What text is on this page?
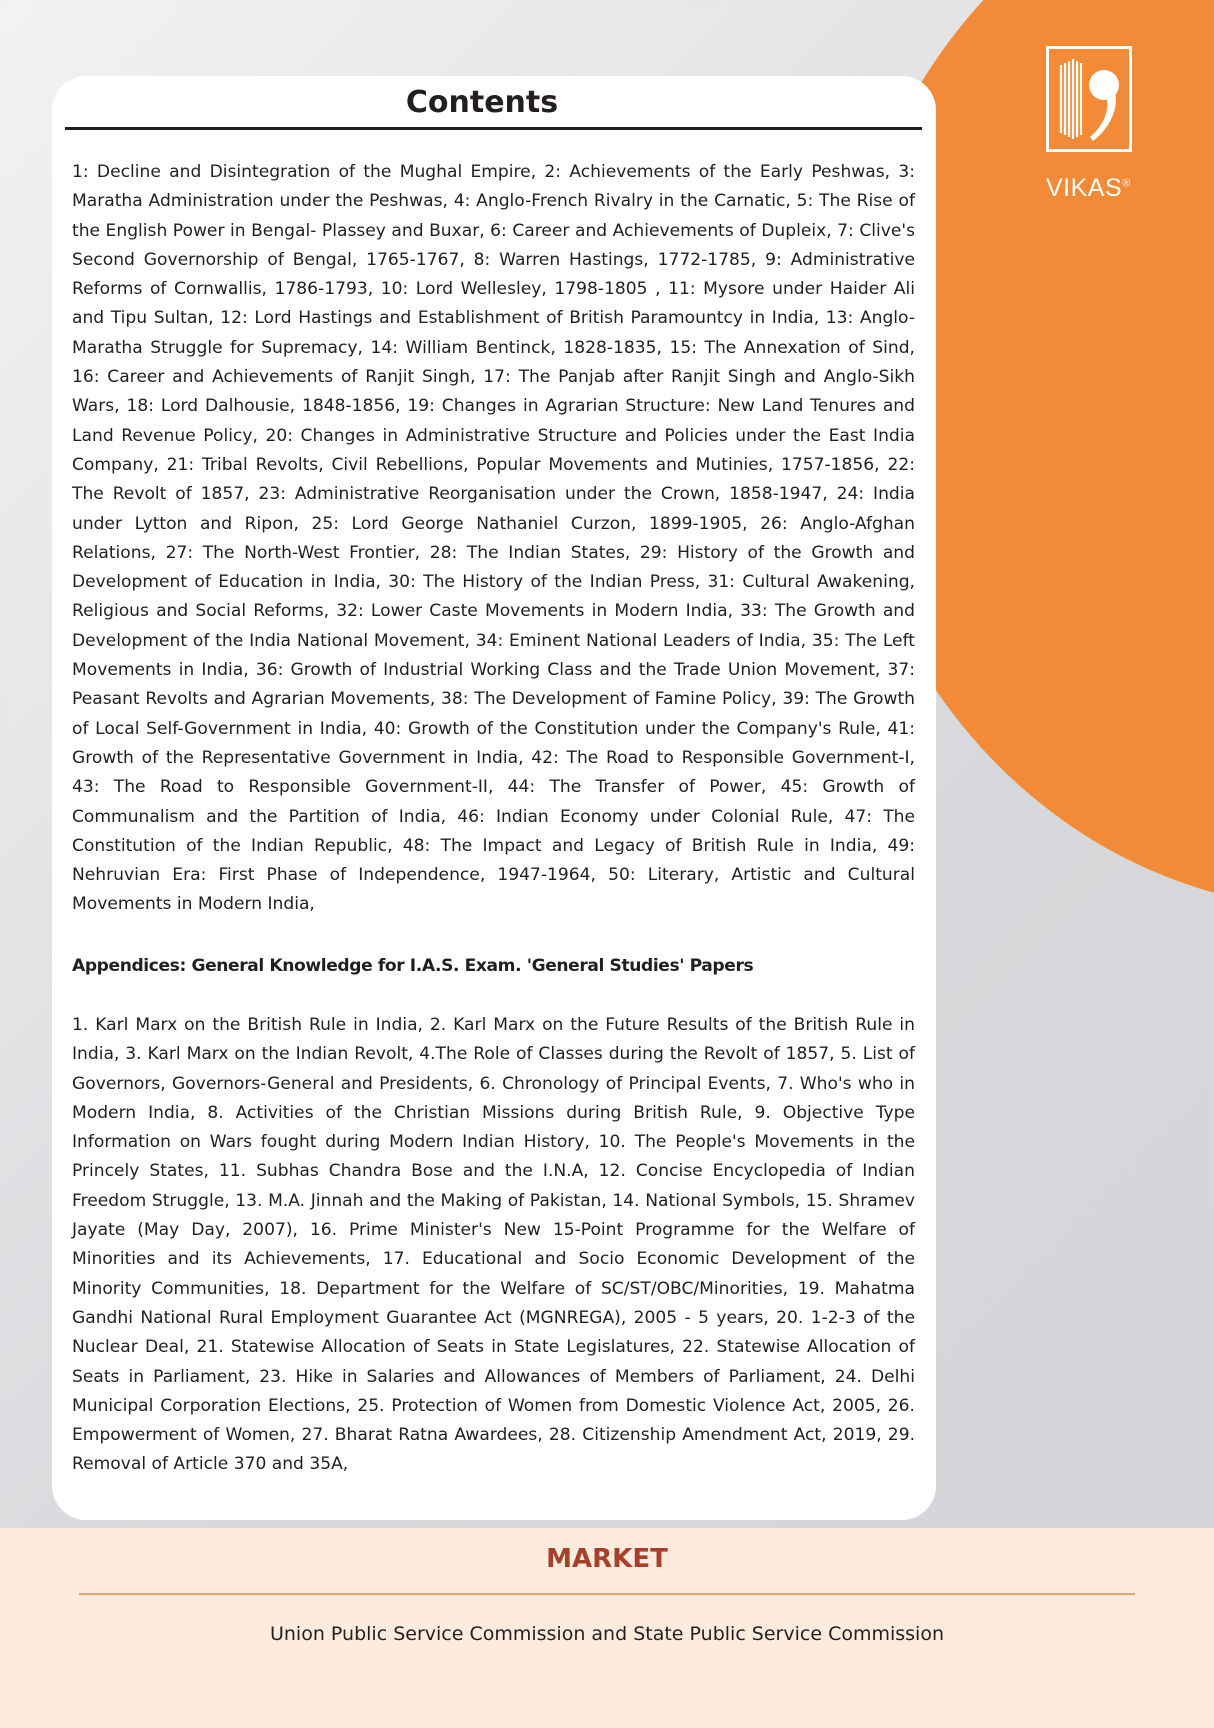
VIKAS®
Contents

1: Decline and Disintegration of the Mughal Empire, 2: Achievements of the Early Peshwas, 3: Maratha Administration under the Peshwas, 4: Anglo-French Rivalry in the Carnatic, 5: The Rise of the English Power in Bengal- Plassey and Buxar, 6: Career and Achievements of Dupleix, 7: Clive's Second Governorship of Bengal, 1765-1767, 8: Warren Hastings, 1772-1785, 9: Administrative Reforms of Cornwallis, 1786-1793, 10: Lord Wellesley, 1798-1805 , 11: Mysore under Haider Ali and Tipu Sultan, 12: Lord Hastings and Establishment of British Paramountcy in India, 13: Anglo-Maratha Struggle for Supremacy, 14: William Bentinck, 1828-1835, 15: The Annexation of Sind, 16: Career and Achievements of Ranjit Singh, 17: The Panjab after Ranjit Singh and Anglo-Sikh Wars, 18: Lord Dalhousie, 1848-1856, 19: Changes in Agrarian Structure: New Land Tenures and Land Revenue Policy, 20: Changes in Administrative Structure and Policies under the East India Company, 21: Tribal Revolts, Civil Rebellions, Popular Movements and Mutinies, 1757-1856, 22: The Revolt of 1857, 23: Administrative Reorganisation under the Crown, 1858-1947, 24: India under Lytton and Ripon, 25: Lord George Nathaniel Curzon, 1899-1905, 26: Anglo-Afghan Relations, 27: The North-West Frontier, 28: The Indian States, 29: History of the Growth and Development of Education in India, 30: The History of the Indian Press, 31: Cultural Awakening, Religious and Social Reforms, 32: Lower Caste Movements in Modern India, 33: The Growth and Development of the India National Movement, 34: Eminent National Leaders of India, 35: The Left Movements in India, 36: Growth of Industrial Working Class and the Trade Union Movement, 37: Peasant Revolts and Agrarian Movements, 38: The Development of Famine Policy, 39: The Growth of Local Self-Government in India, 40: Growth of the Constitution under the Company's Rule, 41: Growth of the Representative Government in India, 42: The Road to Responsible Government-I, 43: The Road to Responsible Government-II, 44: The Transfer of Power, 45: Growth of Communalism and the Partition of India, 46: Indian Economy under Colonial Rule, 47: The Constitution of the Indian Republic, 48: The Impact and Legacy of British Rule in India, 49: Nehruvian Era: First Phase of Independence, 1947-1964, 50: Literary, Artistic and Cultural Movements in Modern India,

Appendices: General Knowledge for I.A.S. Exam. 'General Studies' Papers

1. Karl Marx on the British Rule in India, 2. Karl Marx on the Future Results of the British Rule in India, 3. Karl Marx on the Indian Revolt, 4.The Role of Classes during the Revolt of 1857, 5. List of Governors, Governors-General and Presidents, 6. Chronology of Principal Events, 7. Who's who in Modern India, 8. Activities of the Christian Missions during British Rule, 9. Objective Type Information on Wars fought during Modern Indian History, 10. The People's Movements in the Princely States, 11. Subhas Chandra Bose and the I.N.A, 12. Concise Encyclopedia of Indian Freedom Struggle, 13. M.A. Jinnah and the Making of Pakistan, 14. National Symbols, 15. Shramev Jayate (May Day, 2007), 16. Prime Minister's New 15-Point Programme for the Welfare of Minorities and its Achievements, 17. Educational and Socio Economic Development of the Minority Communities, 18. Department for the Welfare of SC/ST/OBC/Minorities, 19. Mahatma Gandhi National Rural Employment Guarantee Act (MGNREGA), 2005 - 5 years, 20. 1-2-3 of the Nuclear Deal, 21. Statewise Allocation of Seats in State Legislatures, 22. Statewise Allocation of Seats in Parliament, 23. Hike in Salaries and Allowances of Members of Parliament, 24. Delhi Municipal Corporation Elections, 25. Protection of Women from Domestic Violence Act, 2005, 26. Empowerment of Women, 27. Bharat Ratna Awardees, 28. Citizenship Amendment Act, 2019, 29. Removal of Article 370 and 35A,

MARKET
Union Public Service Commission and State Public Service Commission
